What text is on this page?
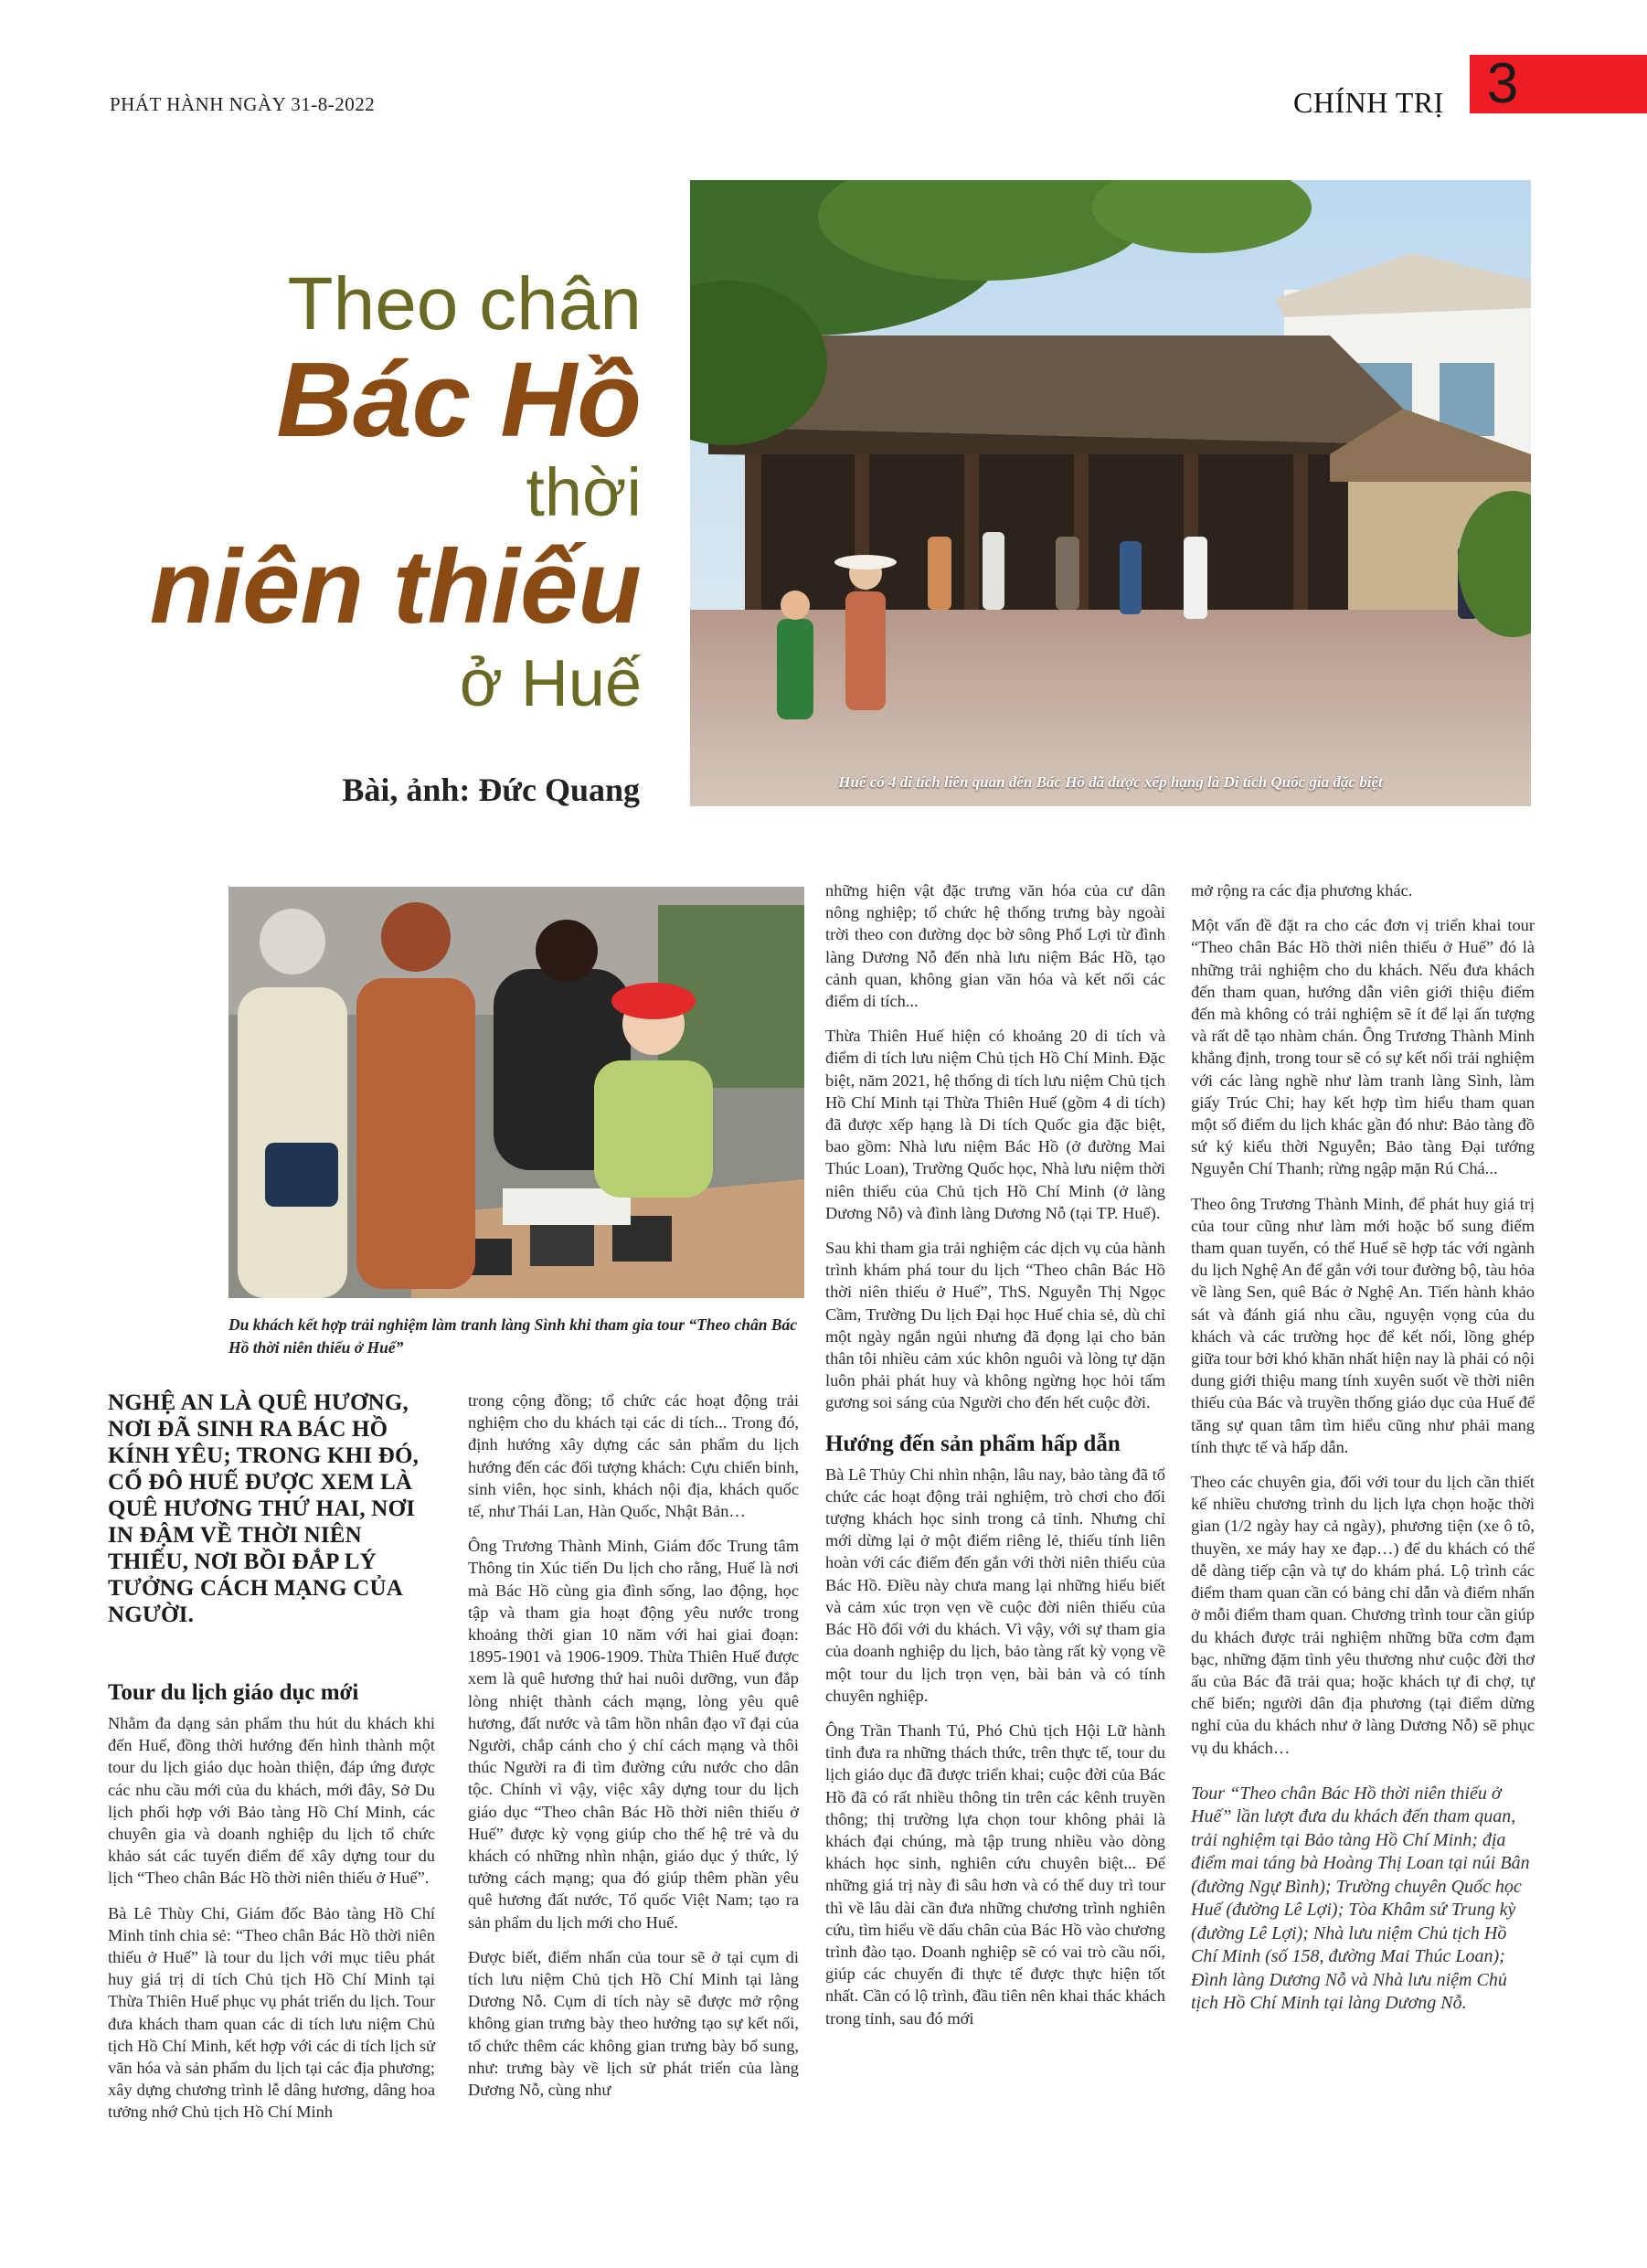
PHÁT HÀNH NGÀY 31-8-2022	CHÍNH TRỊ 3
Theo chân
Bác Hồ
thời
niên thiếu
ở Huế
Bài, ảnh: Đức Quang	Huế có 4 di tích liên quan đến Bác Hồ đã được xếp hạng là Di tích Quốc gia đặc biệt
Du khách kết hợp trải nghiệm làm tranh làng Sình khi tham gia tour “Theo chân Bác Hồ thời niên thiếu ở Huế”

NGHỆ AN LÀ QUÊ HƯƠNG, NƠI ĐÃ SINH RA BÁC HỒ KÍNH YÊU; TRONG KHI ĐÓ, CỐ ĐÔ HUẾ ĐƯỢC XEM LÀ QUÊ HƯƠNG THỨ HAI, NƠI IN ĐẬM VỀ THỜI NIÊN THIẾU, NƠI BỒI ĐẮP LÝ TƯỞNG CÁCH MẠNG CỦA NGƯỜI.

Tour du lịch giáo dục mới

Nhằm đa dạng sản phẩm thu hút du khách khi đến Huế, đồng thời hướng đến hình thành một tour du lịch giáo dục hoàn thiện, đáp ứng được các nhu cầu mới của du khách, mới đây, Sở Du lịch phối hợp với Bảo tàng Hồ Chí Minh, các chuyên gia và doanh nghiệp du lịch tổ chức khảo sát các tuyến điểm để xây dựng tour du lịch “Theo chân Bác Hồ thời niên thiếu ở Huế”.

Bà Lê Thùy Chi, Giám đốc Bảo tàng Hồ Chí Minh tỉnh chia sẻ: “Theo chân Bác Hồ thời niên thiếu ở Huế” là tour du lịch với mục tiêu phát huy giá trị di tích Chủ tịch Hồ Chí Minh tại Thừa Thiên Huế phục vụ phát triển du lịch. Tour đưa khách tham quan các di tích lưu niệm Chủ tịch Hồ Chí Minh, kết hợp với các di tích lịch sử văn hóa và sản phẩm du lịch tại các địa phương; xây dựng chương trình lễ dâng hương, dâng hoa tưởng nhớ Chủ tịch Hồ Chí Minh

trong cộng đồng; tổ chức các hoạt động trải nghiệm cho du khách tại các di tích... Trong đó, định hướng xây dựng các sản phẩm du lịch hướng đến các đối tượng khách: Cựu chiến binh, sinh viên, học sinh, khách nội địa, khách quốc tế, như Thái Lan, Hàn Quốc, Nhật Bản…

Ông Trương Thành Minh, Giám đốc Trung tâm Thông tin Xúc tiến Du lịch cho rằng, Huế là nơi mà Bác Hồ cùng gia đình sống, lao động, học tập và tham gia hoạt động yêu nước trong khoảng thời gian 10 năm với hai giai đoạn: 1895-1901 và 1906-1909. Thừa Thiên Huế được xem là quê hương thứ hai nuôi dưỡng, vun đắp lòng nhiệt thành cách mạng, lòng yêu quê hương, đất nước và tâm hồn nhân đạo vĩ đại của Người, chắp cánh cho ý chí cách mạng và thôi thúc Người ra đi tìm đường cứu nước cho dân tộc. Chính vì vậy, việc xây dựng tour du lịch giáo dục “Theo chân Bác Hồ thời niên thiếu ở Huế” được kỳ vọng giúp cho thế hệ trẻ và du khách có những nhìn nhận, giáo dục ý thức, lý tưởng cách mạng; qua đó giúp thêm phần yêu quê hương đất nước, Tổ quốc Việt Nam; tạo ra sản phẩm du lịch mới cho Huế.

Được biết, điểm nhấn của tour sẽ ở tại cụm di tích lưu niệm Chủ tịch Hồ Chí Minh tại làng Dương Nỗ. Cụm di tích này sẽ được mở rộng không gian trưng bày theo hướng tạo sự kết nối, tổ chức thêm các không gian trưng bày bổ sung, như: trưng bày về lịch sử phát triển của làng Dương Nỗ, cùng như

những hiện vật đặc trưng văn hóa của cư dân nông nghiệp; tổ chức hệ thống trưng bày ngoài trời theo con đường dọc bờ sông Phổ Lợi từ đình làng Dương Nỗ đến nhà lưu niệm Bác Hồ, tạo cảnh quan, không gian văn hóa và kết nối các điểm di tích...

Thừa Thiên Huế hiện có khoảng 20 di tích và điểm di tích lưu niệm Chủ tịch Hồ Chí Minh. Đặc biệt, năm 2021, hệ thống di tích lưu niệm Chủ tịch Hồ Chí Minh tại Thừa Thiên Huế (gồm 4 di tích) đã được xếp hạng là Di tích Quốc gia đặc biệt, bao gồm: Nhà lưu niệm Bác Hồ (ở đường Mai Thúc Loan), Trường Quốc học, Nhà lưu niệm thời niên thiếu của Chủ tịch Hồ Chí Minh (ở làng Dương Nỗ) và đình làng Dương Nỗ (tại TP. Huế).

Sau khi tham gia trải nghiệm các dịch vụ của hành trình khám phá tour du lịch “Theo chân Bác Hồ thời niên thiếu ở Huế”, ThS. Nguyễn Thị Ngọc Cầm, Trường Du lịch Đại học Huế chia sẻ, dù chỉ một ngày ngắn ngủi nhưng đã đọng lại cho bản thân tôi nhiều cảm xúc khôn nguôi và lòng tự dặn luôn phải phát huy và không ngừng học hỏi tấm gương soi sáng của Người cho đến hết cuộc đời.

Hướng đến sản phẩm hấp dẫn

Bà Lê Thủy Chi nhìn nhận, lâu nay, bảo tàng đã tổ chức các hoạt động trải nghiệm, trò chơi cho đối tượng khách học sinh trong cả tỉnh. Nhưng chỉ mới dừng lại ở một điểm riêng lẻ, thiếu tính liên hoàn với các điểm đến gắn với thời niên thiếu của Bác Hồ. Điều này chưa mang lại những hiểu biết và cảm xúc trọn vẹn về cuộc đời niên thiếu của Bác Hồ đối với du khách. Vì vậy, với sự tham gia của doanh nghiệp du lịch, bảo tàng rất kỳ vọng về một tour du lịch trọn vẹn, bài bản và có tính chuyên nghiệp.

Ông Trần Thanh Tú, Phó Chủ tịch Hội Lữ hành tỉnh đưa ra những thách thức, trên thực tế, tour du lịch giáo dục đã được triển khai; cuộc đời của Bác Hồ đã có rất nhiều thông tin trên các kênh truyền thông; thị trường lựa chọn tour không phải là khách đại chúng, mà tập trung nhiều vào dòng khách học sinh, nghiên cứu chuyên biệt... Để những giá trị này đi sâu hơn và có thể duy trì tour thì về lâu dài cần đưa những chương trình nghiên cứu, tìm hiểu về dấu chân của Bác Hồ vào chương trình đào tạo. Doanh nghiệp sẽ có vai trò cầu nối, giúp các chuyến đi thực tế được thực hiện tốt nhất. Cần có lộ trình, đầu tiên nên khai thác khách trong tỉnh, sau đó mới

mở rộng ra các địa phương khác.

Một vấn đề đặt ra cho các đơn vị triển khai tour “Theo chân Bác Hồ thời niên thiếu ở Huế” đó là những trải nghiệm cho du khách. Nếu đưa khách đến tham quan, hướng dẫn viên giới thiệu điểm đến mà không có trải nghiệm sẽ ít để lại ấn tượng và rất dễ tạo nhàm chán. Ông Trương Thành Minh khẳng định, trong tour sẽ có sự kết nối trải nghiệm với các làng nghề như làm tranh làng Sình, làm giấy Trúc Chỉ; hay kết hợp tìm hiểu tham quan một số điểm du lịch khác gần đó như: Bảo tàng đồ sứ ký kiểu thời Nguyễn; Bảo tàng Đại tướng Nguyễn Chí Thanh; rừng ngập mặn Rú Chá...

Theo ông Trương Thành Minh, để phát huy giá trị của tour cũng như làm mới hoặc bổ sung điểm tham quan tuyến, có thể Huế sẽ hợp tác với ngành du lịch Nghệ An để gắn với tour đường bộ, tàu hỏa về làng Sen, quê Bác ở Nghệ An. Tiến hành khảo sát và đánh giá nhu cầu, nguyện vọng của du khách và các trường học để kết nối, lồng ghép giữa tour bởi khó khăn nhất hiện nay là phải có nội dung giới thiệu mang tính xuyên suốt về thời niên thiếu của Bác và truyền thống giáo dục của Huế để tăng sự quan tâm tìm hiểu cũng như phải mang tính thực tế và hấp dẫn.

Theo các chuyên gia, đối với tour du lịch cần thiết kế nhiều chương trình du lịch lựa chọn hoặc thời gian (1/2 ngày hay cả ngày), phương tiện (xe ô tô, thuyền, xe máy hay xe đạp…) để du khách có thể dễ dàng tiếp cận và tự do khám phá. Lộ trình các điểm tham quan cần có bảng chỉ dẫn và điểm nhấn ở mỗi điểm tham quan. Chương trình tour cần giúp du khách được trải nghiệm những bữa cơm đạm bạc, những đặm tình yêu thương như cuộc đời thơ ấu của Bác đã trải qua; hoặc khách tự đi chợ, tự chế biến; người dân địa phương (tại điểm dừng nghỉ của du khách như ở làng Dương Nỗ) sẽ phục vụ du khách…

Tour “Theo chân Bác Hồ thời niên thiếu ở Huế” lần lượt đưa du khách đến tham quan, trải nghiệm tại Bảo tàng Hồ Chí Minh; địa điểm mai táng bà Hoàng Thị Loan tại núi Bân (đường Ngự Bình); Trường chuyên Quốc học Huế (đường Lê Lợi); Tòa Khâm sứ Trung kỳ (đường Lê Lợi); Nhà lưu niệm Chủ tịch Hồ Chí Minh (số 158, đường Mai Thúc Loan); Đình làng Dương Nỗ và Nhà lưu niệm Chủ tịch Hồ Chí Minh tại làng Dương Nỗ.
